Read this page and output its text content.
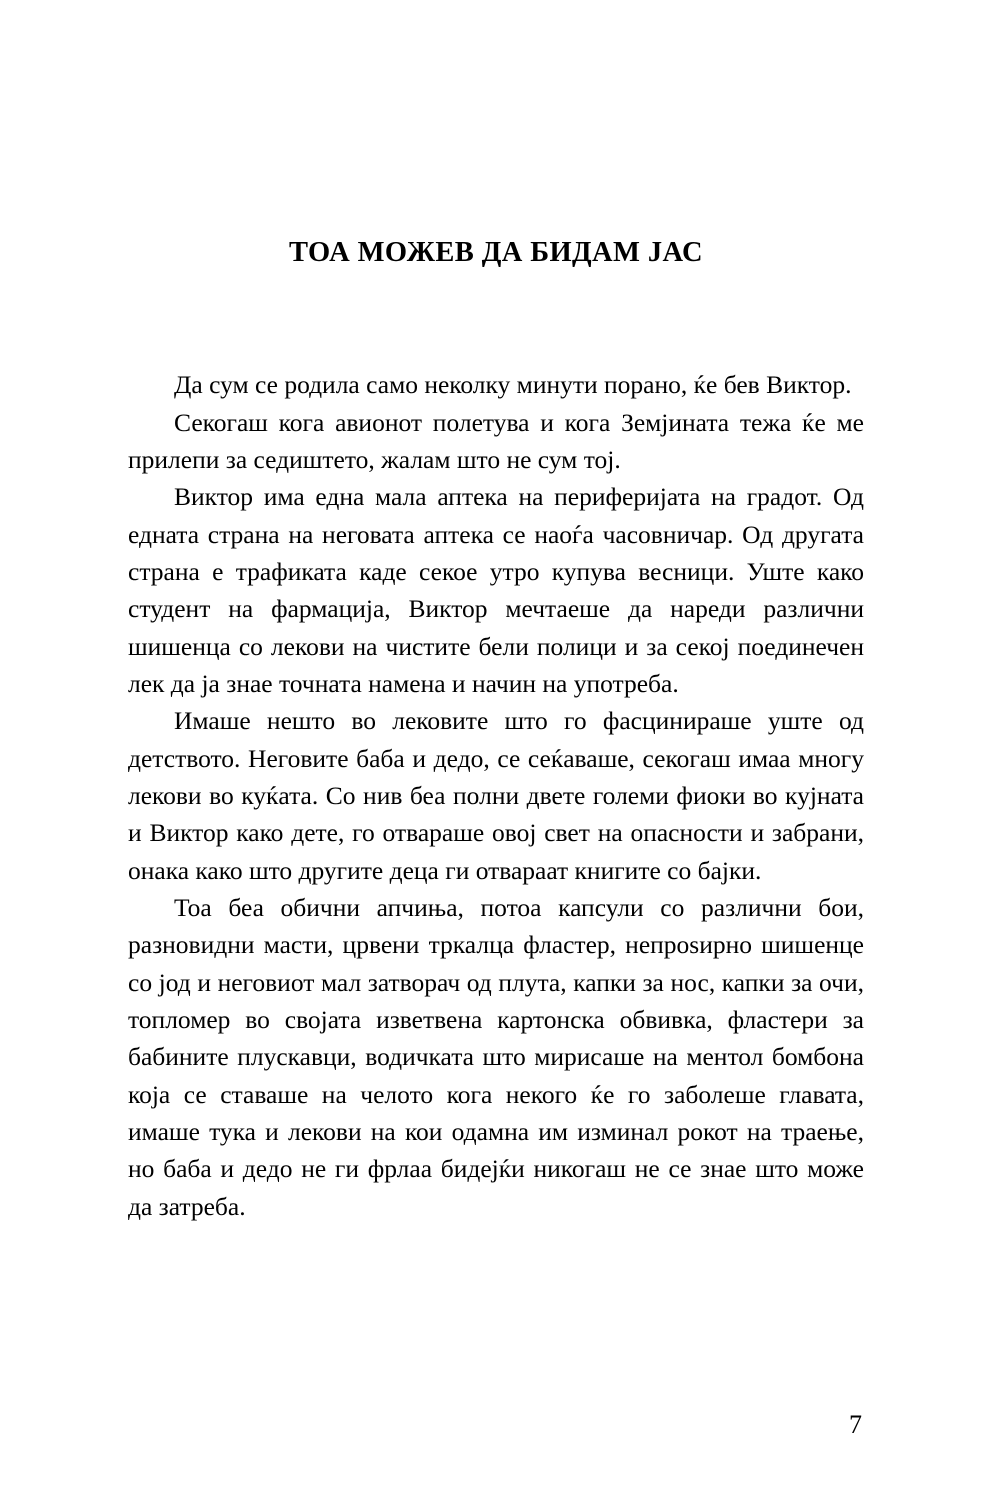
ТОА МОЖЕВ ДА БИДАМ ЈАС

Да сум се родила само неколку минути порано, ќе бев Виктор.

Секогаш кога авионот полетува и кога Земјината тежа ќе ме прилепи за седиштето, жалам што не сум тој.

Виктор има една мала аптека на периферијата на градот. Од едната страна на неговата аптека се наоѓа часовничар. Од другата страна е трафиката каде секое утро купува весници. Уште како студент на фармација, Виктор мечтаеше да нареди различни шишенца со лекови на чистите бели полици и за секој поединечен лек да ја знае точната намена и начин на употреба.

Имаше нешто во лековите што го фасцинираше уште од детството. Неговите баба и дедо, се сеќаваше, секогаш имаа многу лекови во куќата. Со нив беа полни двете големи фиоки во кујната и Виктор како дете, го отвараше овој свет на опасности и забрани, онака како што другите деца ги отвараат книгите со бајки.

Тоа беа обични апчиња, потоа капсули со различни бои, разновидни масти, црвени тркалца фластер, непроѕирно шишенце со јод и неговиот мал затворач од плута, капки за нос, капки за очи, топломер во својата изветвена картонска обвивка, фластери за бабините плускавци, водичката што мирисаше на ментол бомбона која се ставаше на челото кога некого ќе го заболеше главата, имаше тука и лекови на кои одамна им изминал рокот на траење, но баба и дедо не ги фрлаа бидејќи никогаш не се знае што може да затреба.

7
